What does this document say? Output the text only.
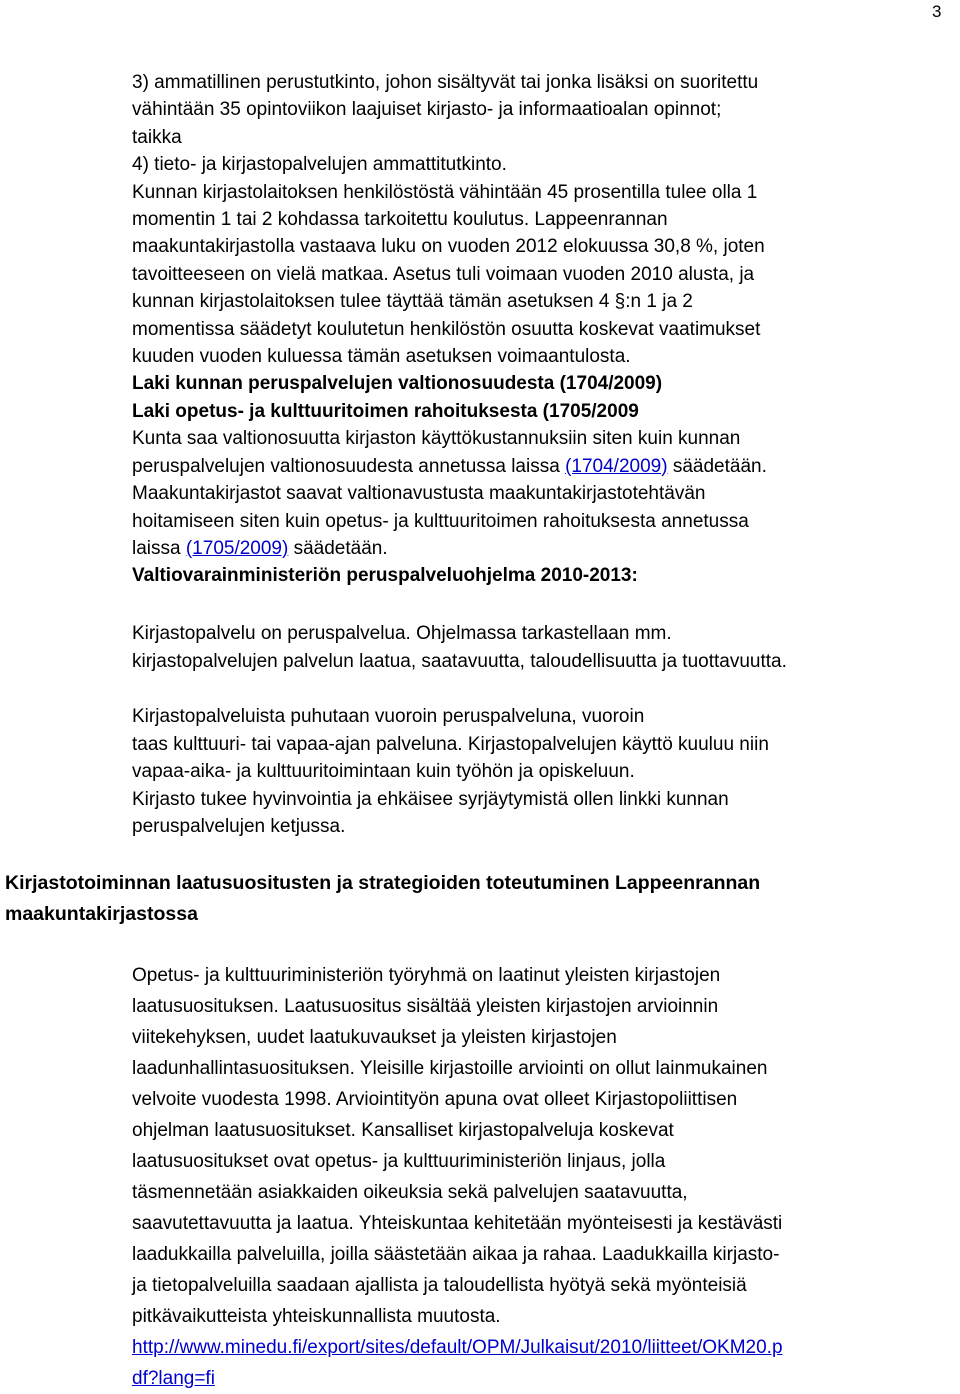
3

3) ammatillinen perustutkinto, johon sisältyvät tai jonka lisäksi on suoritettu

vähintään 35 opintoviikon laajuiset kirjasto- ja informaatioalan opinnot;

taikka

4) tieto- ja kirjastopalvelujen ammattitutkinto.

Kunnan kirjastolaitoksen henkilöstöstä vähintään 45 prosentilla tulee olla 1

momentin 1 tai 2 kohdassa tarkoitettu koulutus. Lappeenrannan

maakuntakirjastolla vastaava luku on vuoden 2012 elokuussa 30,8 %, joten

tavoitteeseen on vielä matkaa. Asetus tuli voimaan vuoden 2010 alusta, ja

kunnan kirjastolaitoksen tulee täyttää tämän asetuksen 4 §:n 1 ja 2

momentissa säädetyt koulutetun henkilöstön osuutta koskevat vaatimukset

kuuden vuoden kuluessa tämän asetuksen voimaantulosta.

Laki kunnan peruspalvelujen valtionosuudesta (1704/2009)

Laki opetus- ja kulttuuritoimen rahoituksesta (1705/2009

Kunta saa valtionosuutta kirjaston käyttökustannuksiin siten kuin kunnan

peruspalvelujen valtionosuudesta annetussa laissa (1704/2009) säädetään.

Maakuntakirjastot saavat valtionavustusta maakuntakirjastotehtävän

hoitamiseen siten kuin opetus- ja kulttuuritoimen rahoituksesta annetussa

laissa (1705/2009) säädetään.

Valtiovarainministeriön peruspalveluohjelma 2010-2013:

Kirjastopalvelu on peruspalvelua. Ohjelmassa tarkastellaan mm.

kirjastopalvelujen palvelun laatua, saatavuutta, taloudellisuutta ja tuottavuutta.

Kirjastopalveluista puhutaan vuoroin peruspalveluna, vuoroin

taas kulttuuri- tai vapaa-ajan palveluna. Kirjastopalvelujen käyttö kuuluu niin

vapaa-aika- ja kulttuuritoimintaan kuin työhön ja opiskeluun.

Kirjasto tukee hyvinvointia ja ehkäisee syrjäytymistä ollen linkki kunnan

peruspalvelujen ketjussa.

Kirjastotoiminnan laatusuositusten ja strategioiden toteutuminen Lappeenrannan
maakuntakirjastossa

Opetus- ja kulttuuriministeriön työryhmä on laatinut yleisten kirjastojen

laatusuosituksen. Laatusuositus sisältää yleisten kirjastojen arvioinnin

viitekehyksen, uudet laatukuvaukset ja yleisten kirjastojen

laadunhallintasuosituksen. Yleisille kirjastoille arviointi on ollut lainmukainen

velvoite vuodesta 1998. Arviointityön apuna ovat olleet Kirjastopoliittisen

ohjelman laatusuositukset. Kansalliset kirjastopalveluja koskevat

laatusuositukset ovat opetus- ja kulttuuriministeriön linjaus, jolla

täsmennetään asiakkaiden oikeuksia sekä palvelujen saatavuutta,

saavutettavuutta ja laatua. Yhteiskuntaa kehitetään myönteisesti ja kestävästi

laadukkailla palveluilla, joilla säästetään aikaa ja rahaa. Laadukkailla kirjasto-

ja tietopalveluilla saadaan ajallista ja taloudellista hyötyä sekä myönteisiä

pitkävaikutteista yhteiskunnallista muutosta.

http://www.minedu.fi/export/sites/default/OPM/Julkaisut/2010/liitteet/OKM20.p

df?lang=fi
